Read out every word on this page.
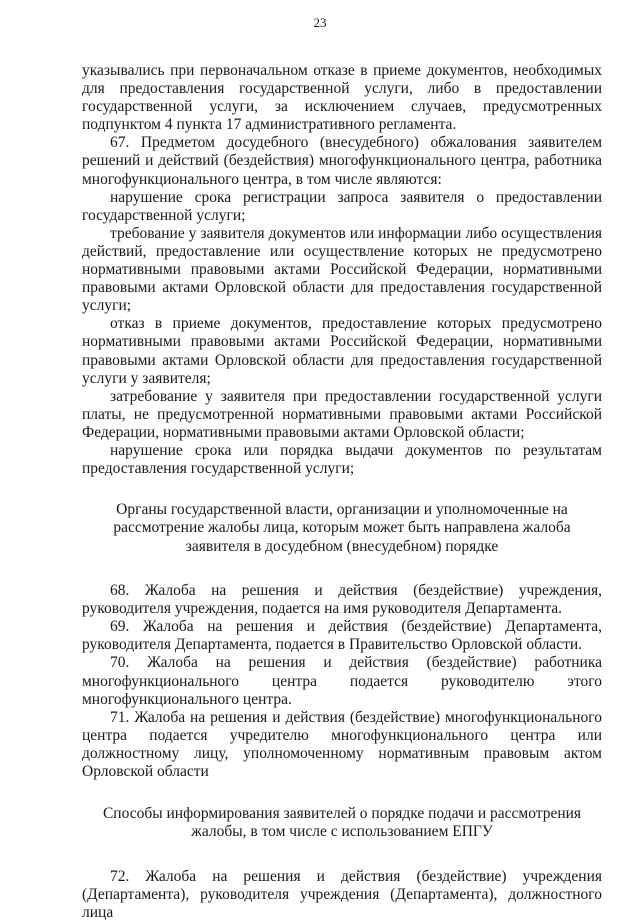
23

указывались при первоначальном отказе в приеме документов, необходимых для предоставления государственной услуги, либо в предоставлении государственной услуги, за исключением случаев, предусмотренных подпунктом 4 пункта 17 административного регламента.

67. Предметом досудебного (внесудебного) обжалования заявителем решений и действий (бездействия) многофункционального центра, работника многофункционального центра, в том числе являются:

нарушение срока регистрации запроса заявителя о предоставлении государственной услуги;

требование у заявителя документов или информации либо осуществления действий, предоставление или осуществление которых не предусмотрено нормативными правовыми актами Российской Федерации, нормативными правовыми актами Орловской области для предоставления государственной услуги;

отказ в приеме документов, предоставление которых предусмотрено нормативными правовыми актами Российской Федерации, нормативными правовыми актами Орловской области для предоставления государственной услуги у заявителя;

затребование у заявителя при предоставлении государственной услуги платы, не предусмотренной нормативными правовыми актами Российской Федерации, нормативными правовыми актами Орловской области;

нарушение срока или порядка выдачи документов по результатам предоставления государственной услуги;

Органы государственной власти, организации и уполномоченные на рассмотрение жалобы лица, которым может быть направлена жалоба заявителя в досудебном (внесудебном) порядке

68. Жалоба на решения и действия (бездействие) учреждения, руководителя учреждения, подается на имя руководителя Департамента.

69. Жалоба на решения и действия (бездействие) Департамента, руководителя Департамента, подается в Правительство Орловской области.

70. Жалоба на решения и действия (бездействие) работника многофункционального центра подается руководителю этого многофункционального центра.

71. Жалоба на решения и действия (бездействие) многофункционального центра подается учредителю многофункционального центра или должностному лицу, уполномоченному нормативным правовым актом Орловской области

Способы информирования заявителей о порядке подачи и рассмотрения жалобы, в том числе с использованием ЕПГУ

72. Жалоба на решения и действия (бездействие) учреждения (Департамента), руководителя учреждения (Департамента), должностного лица
